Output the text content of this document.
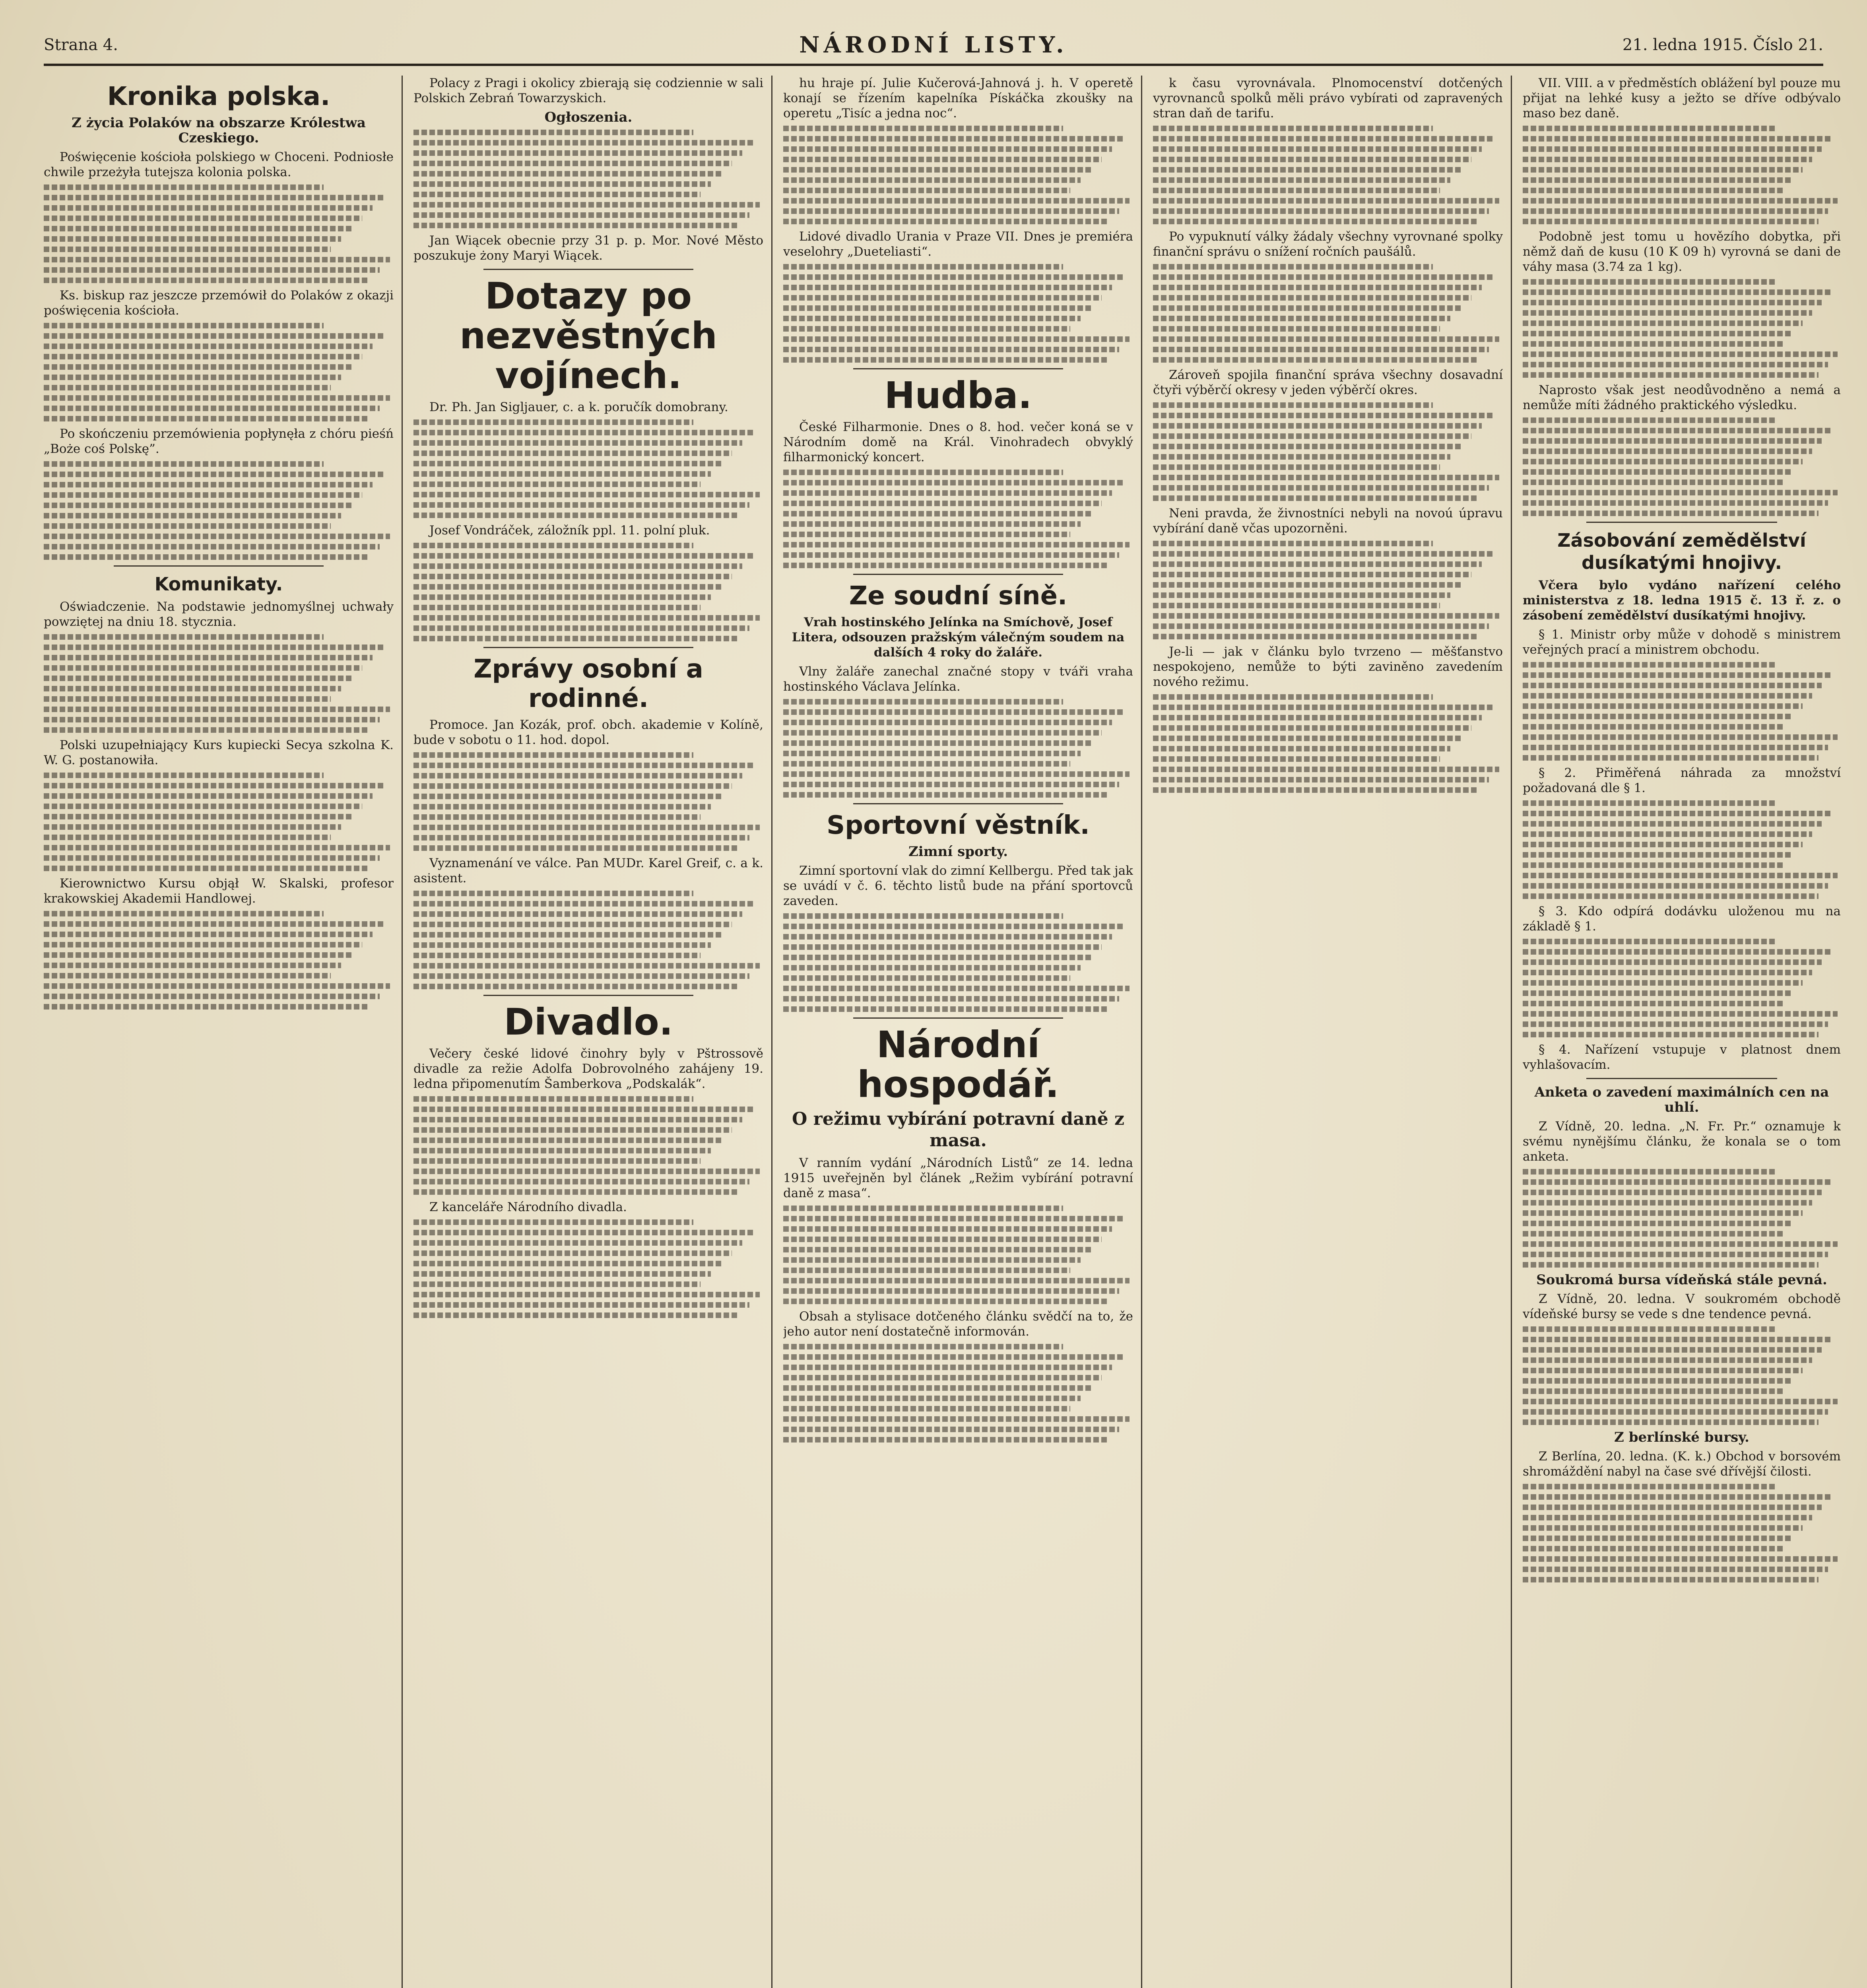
Strana 4.	NÁRODNÍ LISTY.	21. ledna 1915. Číslo 21.
Kronika polska.
Z życia Polaków na obszarze Królestwa Czeskiego.

Poświęcenie kościoła polskiego w Choceni. Podniosłe chwile przeżyła tutejsza kolonia polska.

Ks. biskup raz jeszcze przemówił do Polaków z okazji poświęcenia kościoła.

Po skończeniu przemówienia popłynęła z chóru pieśń „Boże coś Polskę”.

Komunikaty.

Oświadczenie. Na podstawie jednomyślnej uchwały powziętej na dniu 18. stycznia.

Polski uzupełniający Kurs kupiecki Secya szkolna K. W. G. postanowiła.

Kierownictwo Kursu objął W. Skalski, profesor krakowskiej Akademii Handlowej.

Polacy z Pragi i okolicy zbierają się codziennie w sali Polskich Zebrań Towarzyskich.

Ogłoszenia.

Jan Wiącek obecnie przy 31 p. p. Mor. Nové Město poszukuje żony Maryi Wiącek.

Dotazy po nezvěstných vojínech.

Dr. Ph. Jan Sigljauer, c. a k. poručík domobrany.

Josef Vondráček, záložník ppl. 11. polní pluk.

Zprávy osobní a rodinné.

Promoce. Jan Kozák, prof. obch. akademie v Kolíně, bude v sobotu o 11. hod. dopol.

Vyznamenání ve válce. Pan MUDr. Karel Greif, c. a k. asistent.

Divadlo.

Večery české lidové činohry byly v Pštrossově divadle za režie Adolfa Dobrovolného zahájeny 19. ledna připomenutím Šamberkova „Podskalák“.

Z kanceláře Národního divadla.

hu hraje pí. Julie Kučerová-Jahnová j. h. V operetě konají se řízením kapelníka Pískáčka zkoušky na operetu „Tisíc a jedna noc“.

Lidové divadlo Urania v Praze VII. Dnes je premiéra veselohry „Dueteliasti“.

Hudba.

České Filharmonie. Dnes o 8. hod. večer koná se v Národním domě na Král. Vinohradech obvyklý filharmonický koncert.

Ze soudní síně.

Vrah hostinského Jelínka na Smíchově, Josef Litera, odsouzen pražským válečným soudem na dalších 4 roky do žaláře.

Vlny žaláře zanechal značné stopy v tváři vraha hostinského Václava Jelínka.

Sportovní věstník.
Zimní sporty.

Zimní sportovní vlak do zimní Kellbergu. Před tak jak se uvádí v č. 6. těchto listů bude na přání sportovců zaveden.

Národní hospodář.
O režimu vybírání potravní daně z masa.

V ranním vydání „Národních Listů“ ze 14. ledna 1915 uveřejněn byl článek „Režim vybírání potravní daně z masa“.

Obsah a stylisace dotčeného článku svědčí na to, že jeho autor není dostatečně informován.

k času vyrovnávala. Plnomocenství dotčených vyrovnanců spolků měli právo vybírati od zapravených stran daň de tarifu.

Po vypuknutí války žádaly všechny vyrovnané spolky finanční správu o snížení ročních paušálů.

Zároveň spojila finanční správa všechny dosavadní čtyři výběrčí okresy v jeden výběrčí okres.

Neni pravda, že živnostníci nebyli na novoú úpravu vybírání daně včas upozorněni.

Je-li — jak v článku bylo tvrzeno — měšťanstvo nespokojeno, nemůže to býti zaviněno zavedením nového režimu.

VII. VIII. a v předměstích oblážení byl pouze mu přijat na lehké kusy a ježto se dříve odbývalo maso bez daně.

Podobně jest tomu u hovězího dobytka, při němž daň de kusu (10 K 09 h) vyrovná se dani de váhy masa (3.74 za 1 kg).

Naprosto však jest neodůvodněno a nemá a nemůže míti žádného praktického výsledku.

Zásobování zemědělství dusíkatými hnojivy.

Včera bylo vydáno nařízení celého ministerstva z 18. ledna 1915 č. 13 ř. z. o zásobení zemědělství dusíkatými hnojivy.

§ 1. Ministr orby může v dohodě s ministrem veřejných prací a ministrem obchodu.

§ 2. Přiměřená náhrada za množství požadovaná dle § 1.

§ 3. Kdo odpírá dodávku uloženou mu na základě § 1.

§ 4. Nařízení vstupuje v platnost dnem vyhlašovacím.

Anketa o zavedení maximálních cen na uhlí.

Z Vídně, 20. ledna. „N. Fr. Pr.“ oznamuje k svému nynějšímu článku, že konala se o tom anketa.

Soukromá bursa vídeňská stále pevná.

Z Vídně, 20. ledna. V soukromém obchodě vídeňské bursy se vede s dne tendence pevná.

Z berlínské bursy.

Z Berlína, 20. ledna. (K. k.) Obchod v borsovém shromáždění nabyl na čase své dřívější čilosti.
